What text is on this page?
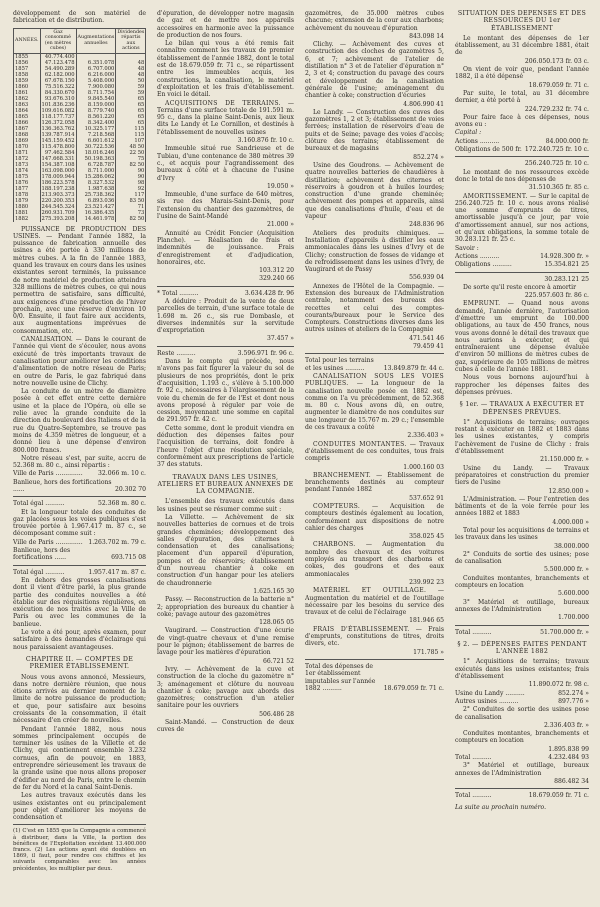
développement de son matériel de fabrication et de distribution.

ANNÉES.	Gaz consommé (en mètres cubes)	Augmentations annuelles	Dividendes répartis aux actions
1855	40.774.400		
1856	47.123.478	6.351.078	48
1857	54.490.289	6.707.000	48
1858	62.182.000	6.216.000	48
1859	67.678.150	5.408.000	50
1860	75.516.322	7.900.080	59
1861	84.330.670	8.711.754	59
1862	93.676.310	9.845.540	65
1863	101.836.236	8.159.000	65
1864	109.616.082	8.779.740	65
1865	118.177.737	8.561.220	65
1866	126.372.058	8.342.400	65
1867	136.363.762	10.325.177	115
1868	139.787.914	7.218.568	115
1869	145.159.452	6.601.612	107
1870	115.478.800	30.722.536	48 50
1871	97.462.584	18.016.246	22 50
1872	147.668.331	50.198.363	75
1873	154.387.108	6.728.787	82 50
1874	163.098.000	8.711.000	90
1875	178.009.944	15.286.062	90
1876	186.223.578	8.327.532	98
1877	188.197.238	1.987.638	92
1878	213.903.373	25.738.362	117
1879	220.200.353	6.893.036	83 50
1880	244.545.324	23.521.427	71
1881	260.931.709	16.386.435	73
1882	275.393.208	14.461.978	82 50

PUISSANCE DE PRODUCTION DES USINES. — Pendant l'année 1882, la puissance de fabrication annuelle des usines a été portée à 330 millions de mètres cubes. A la fin de l'année 1883, quand les travaux en cours dans les usines existantes seront terminés, la puissance de notre matériel de production atteindra 328 millions de mètres cubes, ce qui nous permettra de satisfaire, sans difficulté, aux exigences d'une production de l'hiver prochain, avec une réserve d'environ 10 0/0. Ensuite, il faut faire aux accidents, aux augmentations imprévues de consommation, etc.

CANALISATION. — Dans le courant de l'année qui vient de s'écouler, nous avons exécuté de très importants travaux de canalisation pour améliorer les conditions d'alimentation de notre réseau de Paris; en outre de Paris, le gaz fabriqué dans notre nouvelle usine de Clichy.

La conduite de un mètre de diamètre posée à cet effet entre cette dernière usine et la place de l'Opéra, où elle se relie avec la grande conduite de la direction du boulevard des Italiens et de la rue du Quatre-Septembre, se trouve pas moins de 4.359 mètres de longueur, et a donné lieu à une dépense d'environ 800.000 francs.

Notre réseau s'est, par suite, accru de 52.368 m. 80 c., ainsi répartis :

Ville de Paris ..............	32.066 m. 10 c.
Banlieue, hors des fortifications ......	20.302 70
Total égal ..........	52.368 m. 80 c.

Et la longueur totale des conduites de gaz placées sous les voies publiques s'est trouvée portée à 1.967.417 m. 87 c., se décomposant comme suit :

Ville de Paris .............. 1.263.702 m. 79 c.
Banlieue, hors des fortifications ......	693.715 08
Total égal ..........	1.957.417 m. 87 c.

En dehors des grosses canalisations dont il vient d'être parlé, la plus grande partie des conduites nouvelles a été établie sur des réquisitions régulières, en exécution de nos traités avec la Ville de Paris ou avec les communes de la banlieue.

Le vote a été pour, après examen, pour satisfaire à des demandes d'éclairage qui nous paraissaient avantageuses.

CHAPITRE II. — COMPTES DE PREMIER ÉTABLISSEMENT.

Nous vous avons annoncé, Messieurs, dans notre dernière réunion, que nous étions arrivés au dernier moment de la limite de notre puissance de production; et que, pour satisfaire aux besoins croissants de la consommation, il était nécessaire d'en créer de nouvelles.

Pendant l'année 1882, nous nous sommes principalement occupés de terminer les usines de la Villette et de Clichy, qui contiennent ensemble 3.232 cornues, afin de pouvoir, en 1883, entreprendre sérieusement les travaux de la grande usine que nous allons proposer d'édifier au nord de Paris, entre le chemin de fer du Nord et la canal Saint-Denis.

Les autres travaux exécutés dans les usines existantes ont eu principalement pour objet d'améliorer les moyens de condensation et

(1) C'est en 1855 que la Compagnie a commencé à distribuer, dans la Ville, la portion des bénéfices de l'Exploitation excédant 13.400.000 francs. (2) Les actions ayant été doublées en 1869, il faut, pour rendre ces chiffres et les suivants comparables avec les années précédentes, les multiplier par deux.

d'épuration, de développer notre magasin de gaz et de mettre nos appareils accessoires en harmonie avec la puissance de production de nos fours.

Le bilan qui vous a été remis fait connaître comment les travaux de premier établissement de l'année 1882, dont le total est de 18.679.059 fr. 71 c., se répartissent entre les immeubles acquis, les constructions, la canalisation, le matériel d'exploitation et les frais d'établissement. En voici le détail.

ACQUISITIONS DE TERRAINS. — Terrains d'une surface totale de 191.591 m. 95 c., dans la plaine Saint-Denis, aux lieux dits Le Landy et Le Cornillon, et destinés à l'établissement de nouvelles usines

3.160.876 fr. 10 c.

Immeuble situé rue Sandrieuse et de Tubiau, d'une contenance de 380 mètres 39 c., et acquis pour l'agrandissement des bureaux à côté et à chacune de l'usine d'Ivry

19.050 »

Immeuble, d'une surface de 640 mètres, sis rue des Marais-Saint-Denis, pour l'extension du chantier des gazomètres, de l'usine de Saint-Mandé

21.000 »

Annuité au Crédit Foncier (Acquisition Planche). — Réalisation de frais et indemnités de jouissance. Frais d'enregistrement et d'adjudication, honoraires, etc.

103.312 20
329.240 66
* Total ..........	3.634.428 fr. 96

A déduire : Produit de la vente de deux parcelles de terrain, d'une surface totale de 1.698 m. 26 c., sis rue Dombasle, et diverses indemnités sur la servitude d'expropriation

37.457 »
Reste ..........	3.596.971 fr. 96 c.

Dans le compte qui précède, nous n'avons pas fait figurer la valeur du sol de plusieurs de nos propriétés, dont le prix d'acquisition, 1.193 c., s'élève à 5.100.000 fr. 92 c., nécessaires à l'élargissement de la voie du chemin de fer de l'Est et dont nous avons proposé à réguler par voie de cession, moyennant une somme en capital de 291.957 fr. 42 c.

Cette somme, dont le produit viendra en déduction des dépenses faites pour l'acquisition de terrains, doit fondre à l'heure l'objet d'une résolution spéciale, conformément aux prescriptions de l'article 37 des statuts.

TRAVAUX DANS LES USINES, ATELIERS ET BUREAUX ANNEXES DE LA COMPAGNIE.

L'ensemble des travaux exécutés dans les usines peut se résumer comme suit :

La Villette. — Achèvement de six nouvelles batteries de cornues et de trois grandes cheminées; développement des salles d'épuration, des citernes à condensation et des canalisations; placement d'un appareil d'épuration, pompes et de réservoirs; établissement d'un nouveau chantier à coke en construction d'un hangar pour les ateliers de chaudronnerie

1.625.165 30

Passy. — Reconstruction de la batterie n° 2; appropriation des bureaux du chantier à coke; pavage autour des gazomètres

128.065 05

Vaugirard. — Construction d'une écurie de vingt-quatre chevaux et d'une remise pour le pignon; établissement de barres de lavage pour les matières d'épuration

66.721 52

Ivry. — Achèvement de la cuve et construction de la cloche du gazomètre n° 3; aménagement et clôture du nouveau chantier à coke; pavage aux abords des gazomètres; construction d'un atelier sanitaire pour les ouvriers

506.486 28

Saint-Mandé. — Construction de deux cuves de

gazomètres, de 35.000 mètres cubes chacune; extension de la cour aux charbons; achèvement du nouveau d'épuration

843.098 14

Clichy. — Achèvement des cuves et construction des cloches de gazomètres 5, 6, et 7; achèvement de l'atelier de distillation n° 3 et de l'atelier d'épuration n° 2, 3 et 4; construction du pavage des cours et développement de la canalisation générale de l'usine; aménagement du chantier à coke; construction d'écuries

4.806.990 41

Le Landy. — Construction des cuves des gazomètres 1, 2 et 3; établissement de voies ferrées; installation de réservoirs d'eau de puits et de Seine; pavage des voies d'accès; clôture des terrains; établissement de bureaux et de magasins

852.274 »

Usine des Goudrons. — Achèvement de quatre nouvelles batteries de chaudières à distillation; achèvement des citernes et réservoirs à goudron et à huiles lourdes; construction d'une grande cheminée; achèvement des pompes et appareils, ainsi que des canalisations d'huile, d'eau et de vapeur

248.836 96

Ateliers des produits chimiques. — Installation d'appareils à distiller les eaux ammoniacales dans les usines d'Ivry et de Clichy; construction de fosses de vidange et de refroidissement dans les usines d'Ivry, de Vaugirard et de Passy

556.939 04

Annexes de l'Hôtel de la Compagnie. — Extension des bureaux de l'Administration centrale, notamment des bureaux des recettes et celui des comptes-courants/bureaux pour le Service des Compteurs. Constructions diverses dans les autres usines et ateliers de la Compagnie

471.541 46
79.459 41
Total pour les terrains et les usines ..........	13.849.879 fr. 44 c.

CANALISATION SOUS LES VOIES PUBLIQUES. — La longueur de la canalisation nouvelle posée en 1882 est, comme on l'a vu précédemment, de 52.368 m. 80 c. Nous avons dû, en outre, augmenter le diamètre de nos conduites sur une longueur de 15.767 m. 29 c.; l'ensemble de ces travaux a coûté

2.336.403 »

CONDUITES MONTANTES. — Travaux d'établissement de ces conduites, tous frais compris

1.000.160 03

BRANCHEMENT. — Établissement de branchements destinés au compteur pendant l'année 1882

537.652 91

COMPTEURS. — Acquisition de compteurs destinés également au location, conformément aux dispositions de notre cahier des charges

358.025 45

CHARBONS. — Augmentation du nombre des chevaux et des voitures employés au transport des charbons et cokes, des goudrons et des eaux ammoniacales

239.992 23

MATÉRIEL ET OUTILLAGE. — Augmentation du matériel et de l'outillage nécessaire par les besoins du service des travaux et de celui de l'éclairage

181.946 65

FRAIS D'ÉTABLISSEMENT. — Frais d'emprunts, constitutions de titres, droits divers, etc.

171.785 »
Total des dépenses de 1er établissement imputables sur l'année 1882 ..........	18.679.059 fr. 71 c.
SITUATION DES DÉPENSES ET DES RESSOURCES DU 1er ÉTABLISSEMENT

Le montant des dépenses de 1er établissement, au 31 décembre 1881, était de

206.050.173 fr. 03 c.

On vient de voir que, pendant l'année 1882, il a été dépensé

18.679.059 fr. 71 c.

Par suite, le total, au 31 décembre dernier, a été porté à

224.729.232 fr. 74 c.

Pour faire face à ces dépenses, nous avons eu :

Capital :

Actions ..........	84.000.000 fr.
Obligations de 500 fr. 172.240.725 fr. 10 c.
256.240.725 fr. 10 c.

Le montant de nos ressources excède donc le total de nos dépenses de

31.510.365 fr. 85 c.

AMORTISSEMENT. — Sur le capital de 256.240.725 fr. 10 c. nous avons réalisé une somme d'emprunts de titres, amortissable jusqu'à ce jour, par voie d'amortissement annuel, sur nos actions, et qu'aux obligations, la somme totale de 30.283.121 fr. 25 c.

Savoir :

Actions ..........	14.928.300 fr. »
Obligations ..........	15.354.821 25
30.283.121 25

De sorte qu'il reste encore à amortir

225.957.603 fr. 86 c.

EMPRUNT. — Quand nous avons demandé, l'année dernière, l'autorisation d'émettre un emprunt de 100.000 obligations, au taux de 450 francs, nous vous avons donné le détail des travaux que nous aurions à exécuter, et qui entraîneraient une dépense évaluée d'environ 50 millions de mètres cubes de gaz, supérieure de 105 millions de mètres cubes à celle de l'année 1881.

Nous vous bornons aujourd'hui à rapprocher les dépenses faites des dépenses prévues.

§ 1er. — TRAVAUX A EXÉCUTER ET DÉPENSES PRÉVUES.

1° Acquisitions de terrains; ouvrages restant à exécuter en 1882 et 1883 dans les usines existantes, y compris l'achèvement de l'usine de Clichy : frais d'établissement

21.150.000 fr. »

Usine du Landy. — Travaux préparatoires et construction du premier tiers de l'usine

12.850.000 »

L'Administration. — Pour l'entretien des bâtiments et de la voie ferrée pour les années 1882 et 1883

4.000.000 »

Total pour les acquisitions de terrains et les travaux dans les usines

38.000.000

2° Conduits de sortie des usines; pose de canalisation

5.500.000 fr. »

Conduites montantes, branchements et compteurs en location

5.600.000

3° Matériel et outillage, bureaux annexes de l'Administration

1.700.000
Total ..........	51.700.000 fr. »
§ 2. — DÉPENSES FAITES PENDANT L'ANNÉE 1882

1° Acquisitions de terrains; travaux exécutés dans les usines existantes; frais d'établissement

11.890.072 fr. 98 c.
Usine du Landy ..........	852.274 »
Autres usines ..........	897.776 »

2° Conduites de sortie des usines pose de canalisation

2.336.403 fr. »

Conduites montantes, branchements et compteurs en location

1.895.838 99
Total ..........	4.232.484 93

3° Matériel et outillage, bureaux annexes de l'Administration

886.482 34
Total ..........	18.679.059 fr. 71 c.

La suite au prochain numéro.
